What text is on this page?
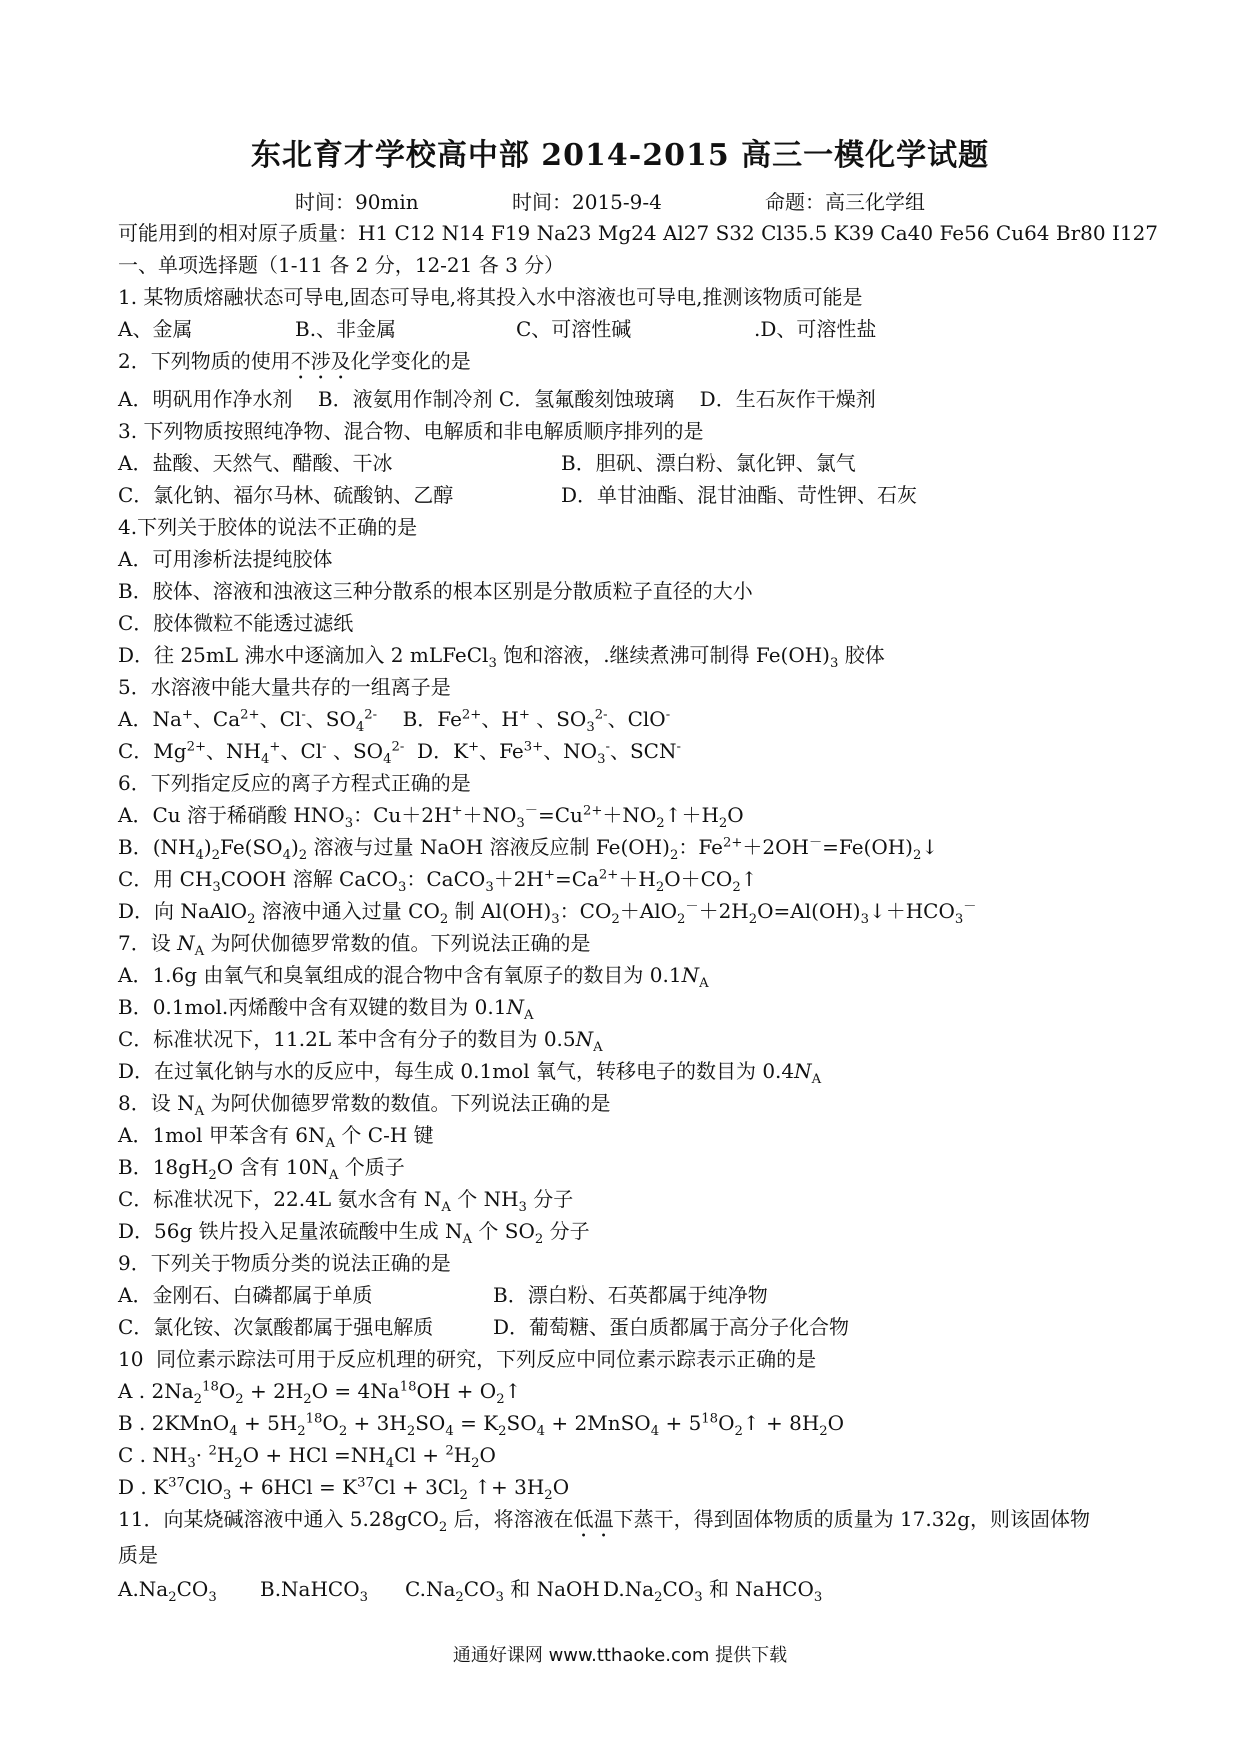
东北育才学校高中部 2014-2015 高三一模化学试题
时间：90min	时间：2015-9-4	命题：高三化学组
可能用到的相对原子质量：H1 C12 N14 F19 Na23 Mg24 Al27 S32 Cl35.5 K39 Ca40 Fe56 Cu64 Br80 I127
一、单项选择题（1-11 各 2 分，12-21 各 3 分）
1. 某物质熔融状态可导电,固态可导电,将其投入水中溶液也可导电,推测该物质可能是
A、金属	B.、非金属	C、可溶性碱	.D、可溶性盐
2．下列物质的使用不涉及化学变化的是
A．明矾用作净水剂    B．液氨用作制冷剂 C．氢氟酸刻蚀玻璃    D．生石灰作干燥剂
3. 下列物质按照纯净物、混合物、电解质和非电解质顺序排列的是
A．盐酸、天然气、醋酸、干冰	B．胆矾、漂白粉、氯化钾、氯气
C．氯化钠、福尔马林、硫酸钠、乙醇	D．单甘油酯、混甘油酯、苛性钾、石灰
4.下列关于胶体的说法不正确的是
A．可用渗析法提纯胶体
B．胶体、溶液和浊液这三种分散系的根本区别是分散质粒子直径的大小
C．胶体微粒不能透过滤纸
D．往 25mL 沸水中逐滴加入 2 mLFeCl$_3$ 饱和溶液，.继续煮沸可制得 $Fe(OH)_3$ 胶体
5．水溶液中能大量共存的一组离子是
A．Na+、$Ca^{2+}$、Cl-、$SO_4^{2-}$    B．$Fe^{2+}$、H+ 、$SO_3^{2-}$、ClO-
C．$Mg^{2+}$、$NH_4^+$、Cl- 、$SO_4^{2-}$  D．K+、$Fe^{3+}$、$NO_3^-$、SCN-
6．下列指定反应的离子方程式正确的是
A．Cu 溶于稀硝酸 $HNO_3$：$Cu+2H^++NO_3^-=Cu^{2+}+NO_2↑+H_2O$
B．$(NH_4)_2Fe(SO_4)_2$ 溶液与过量 NaOH 溶液反应制 $Fe(OH)_2$：$Fe^{2+}+2OH^-=Fe(OH)_2↓$
C．用 $CH_3COOH$ 溶解 CaCO$_3$：$CaCO_3+2H^+=Ca^{2+}+H_2O+CO_2↑$
D．向 NaAlO$_2$ 溶液中通入过量 $CO_2$ 制 $Al(OH)_3$：$CO_2+AlO_2^-+2H_2O=Al(OH)_3↓+HCO_3^-$
7．设 $N_A$ 为阿伏伽德罗常数的值。下列说法正确的是
A．1.6g 由氧气和臭氧组成的混合物中含有氧原子的数目为 $0.1N_A$
B．0.1mol.丙烯酸中含有双键的数目为 $0.1N_A$
C．标准状况下，11.2L 苯中含有分子的数目为 $0.5N_A$
D．在过氧化钠与水的反应中，每生成 0.1mol 氧气，转移电子的数目为 $0.4N_A$
8．设 $N_A$ 为阿伏伽德罗常数的数值。下列说法正确的是
A．1mol 甲苯含有 $6N_A$ 个 C-H 键
B．$18gH_2O$ 含有 $10N_A$ 个质子
C．标准状况下，22.4L 氨水含有 $N_A$ 个 $NH_3$ 分子
D．56g 铁片投入足量浓硫酸中生成 $N_A$ 个 $SO_2$ 分子
9．下列关于物质分类的说法正确的是
A．金刚石、白磷都属于单质	B．漂白粉、石英都属于纯净物
C．氯化铵、次氯酸都属于强电解质	D．葡萄糖、蛋白质都属于高分子化合物
10  同位素示踪法可用于反应机理的研究，下列反应中同位素示踪表示正确的是
A . $2Na_2^{18}O_2 + 2H_2O = 4Na^{18}OH$ + $O_2↑$
B . 2KMnO$_4$ + $5H_2^{18}O_2 + 3H_2SO_4 = K_2SO_4$ + 2MnSO$_4$ + $5^{18}O_2↑ + 8H_2O$
C . $NH_3\cdot ^2H_2O$ + HCl $=NH_4Cl + ^2H_2O$
D . $K^{37}ClO_3 + 6HCl = K^{37}Cl + 3Cl_2$ ↑+ $3H_2O$
11．向某烧碱溶液中通入 5.28gCO$_2$ 后，将溶液在低温下蒸干，得到固体物质的质量为 17.32g，则该固体物
质是
$A.Na_2CO_3$ B.NaHCO$_3$ $C.Na_2CO_3$ 和 NaOH $D.Na_2CO_3$ 和 NaHCO$_3$
通通好课网 www.tthaoke.com 提供下载
